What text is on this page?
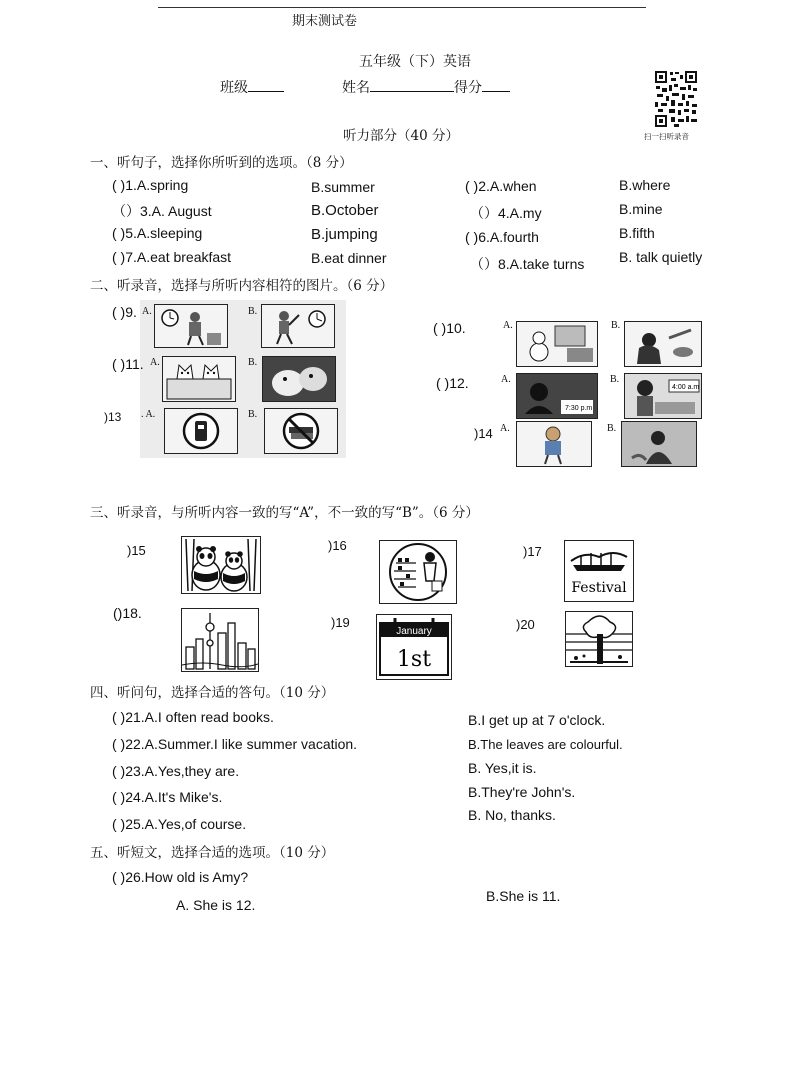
期末测试卷
五年级（下）英语
班级	姓名	得分
扫一扫听录音
听力部分（40 分）
一、听句子，选择你所听到的选项。（8 分）
( )1.A.spring	B.summer	( )2.A.when	B.where
（）3.A. August	B.October	（）4.A.my	B.mine
( )5.A.sleeping	B.jumping	( )6.A.fourth	B.fifth
( )7.A.eat breakfast	B.eat dinner	（）8.A.take turns B. talk quietly
二、听录音，选择与所听内容相符的图片。（6 分）
( )9. A.	B.
( )11. A.	B.
)13 . A.	B.
( )10.	A.	B.
( )12.	A.
7:30 p.m
B.
4:00 a.m
)14 A.	B.
三、听录音，与所听内容一致的写“A”，不一致的写“B”。（6 分）
)15	)16	)17
Festival
()18.
)19
January
1st
)20
四、听问句，选择合适的答句。（10 分）
( )21.A.I often read books.	B.I get up at 7 o'clock.
( )22.A.Summer.I like summer vacation.	B.The leaves are colourful.
( )23.A.Yes,they are.	B. Yes,it is.
( )24.A.It's Mike's.	B.They're John's.
( )25.A.Yes,of course.
B. No, thanks.
五、听短文，选择合适的选项。（10 分）
( )26.How old is Amy?
A. She is 12.
B.She is 11.
